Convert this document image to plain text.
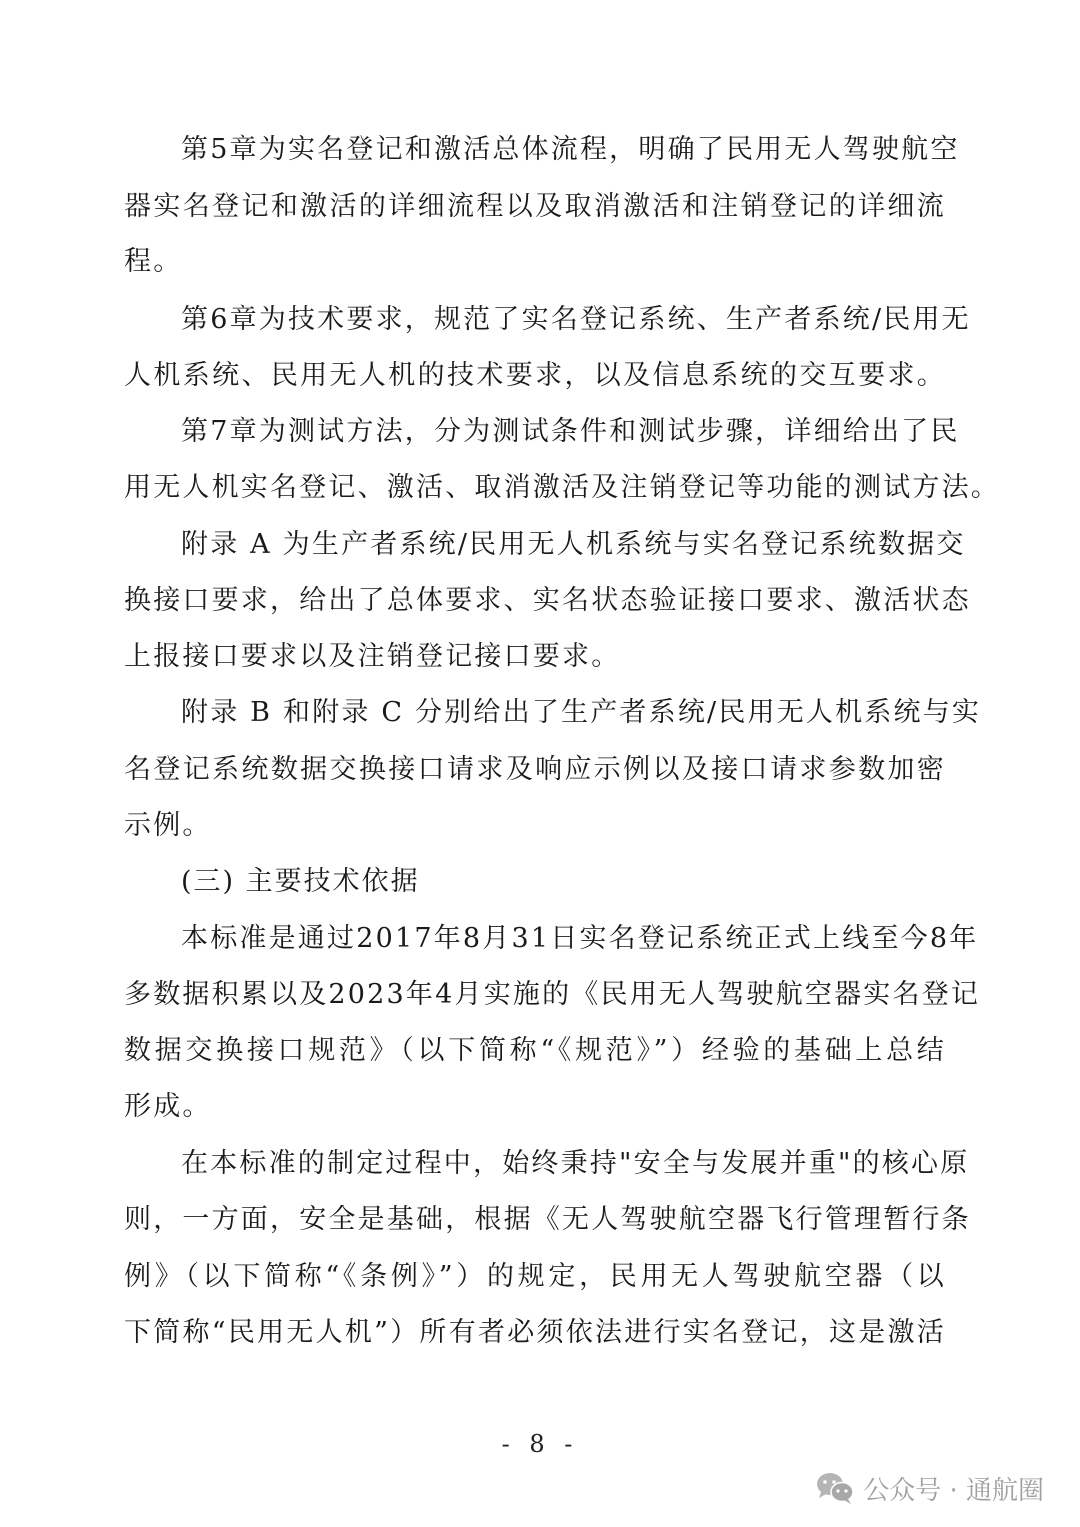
第5章为实名登记和激活总体流程，明确了民用无人驾驶航空
器实名登记和激活的详细流程以及取消激活和注销登记的详细流
程。
第6章为技术要求，规范了实名登记系统、生产者系统/民用无
人机系统、民用无人机的技术要求，以及信息系统的交互要求。
第7章为测试方法，分为测试条件和测试步骤，详细给出了民
用无人机实名登记、激活、取消激活及注销登记等功能的测试方法。
附录 A 为生产者系统/民用无人机系统与实名登记系统数据交
换接口要求，给出了总体要求、实名状态验证接口要求、激活状态
上报接口要求以及注销登记接口要求。
附录 B 和附录 C 分别给出了生产者系统/民用无人机系统与实
名登记系统数据交换接口请求及响应示例以及接口请求参数加密
示例。
(三) 主要技术依据
本标准是通过2017年8月31日实名登记系统正式上线至今8年
多数据积累以及2023年4月实施的《民用无人驾驶航空器实名登记
数据交换接口规范》（以下简称“《规范》”）经验的基础上总结
形成。
在本标准的制定过程中，始终秉持"安全与发展并重"的核心原
则，一方面，安全是基础，根据《无人驾驶航空器飞行管理暂行条
例》（以下简称“《条例》”）的规定，民用无人驾驶航空器（以
下简称“民用无人机”）所有者必须依法进行实名登记，这是激活
- 8 -
公众号 · 通航圈
